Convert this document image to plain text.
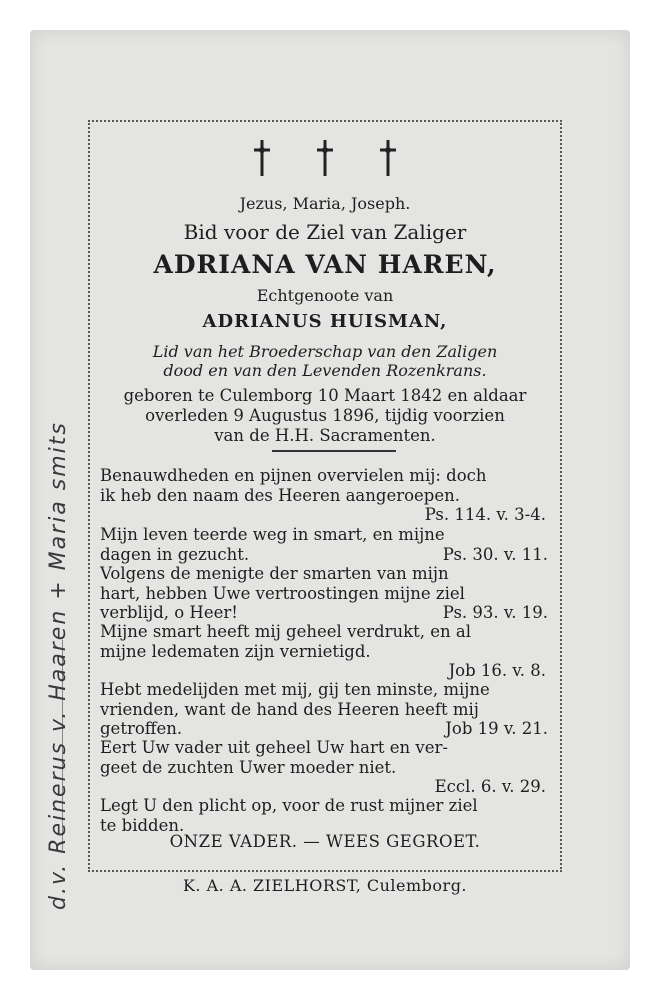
d.v. Reinerus v. Haaren + Maria smits

Jezus, Maria, Joseph.

Bid voor de Ziel van Zaliger

ADRIANA VAN HAREN,

Echtgenoote van

ADRIANUS HUISMAN,

Lid van het Broederschap van den Zaligen

dood en van den Levenden Rozenkrans.

geboren te Culemborg 10 Maart 1842 en aldaar

overleden 9 Augustus 1896, tijdig voorzien

van de H.H. Sacramenten.

Benauwdheden en pijnen overvielen mij: doch
ik heb den naam des Heeren aangeroepen.
Ps. 114. v. 3-4.
Mijn leven teerde weg in smart, en mijne
dagen in gezucht.	Ps. 30. v. 11.
Volgens de menigte der smarten van mijn
hart, hebben Uwe vertroostingen mijne ziel
verblijd, o Heer!	Ps. 93. v. 19.
Mijne smart heeft mij geheel verdrukt, en al
mijne ledematen zijn vernietigd.
Job 16. v. 8.
Hebt medelijden met mij, gij ten minste, mijne
vrienden, want de hand des Heeren heeft mij
getroffen.	Job 19 v. 21.
Eert Uw vader uit geheel Uw hart en ver-
geet de zuchten Uwer moeder niet.
Eccl. 6. v. 29.
Legt U den plicht op, voor de rust mijner ziel
te bidden.

ONZE VADER. — WEES GEGROET.

K. A. A. ZIELHORST, Culemborg.
